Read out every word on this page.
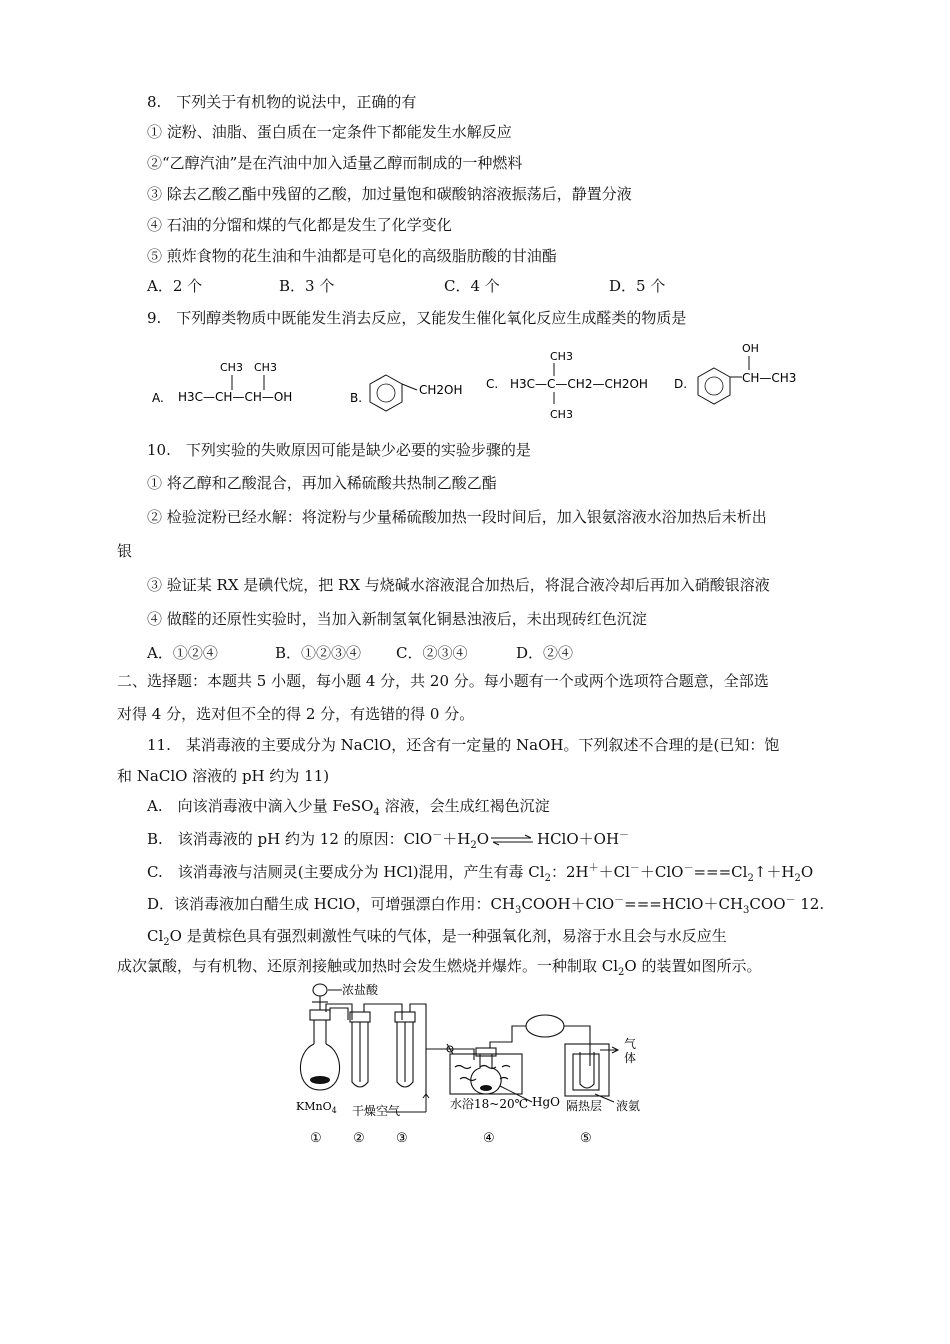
8.　下列关于有机物的说法中，正确的有
① 淀粉、油脂、蛋白质在一定条件下都能发生水解反应
②“乙醇汽油”是在汽油中加入适量乙醇而制成的一种燃料
③ 除去乙酸乙酯中残留的乙酸，加过量饱和碳酸钠溶液振荡后，静置分液
④ 石油的分馏和煤的气化都是发生了化学变化
⑤ 煎炸食物的花生油和牛油都是可皂化的高级脂肪酸的甘油酯
A．2 个	B．3 个	C．4 个	D．5 个
9.　下列醇类物质中既能发生消去反应，又能发生催化氧化反应生成醛类的物质是
A.
CH3 CH3
H3C—CH—CH—OH	B.
CH2OH C.
CH3
H3C—C—CH2—CH2OH
CH3
D.
OH
CH—CH3
10.　下列实验的失败原因可能是缺少必要的实验步骤的是
① 将乙醇和乙酸混合，再加入稀硫酸共热制乙酸乙酯
② 检验淀粉已经水解：将淀粉与少量稀硫酸加热一段时间后，加入银氨溶液水浴加热后未析出
银
③ 验证某 RX 是碘代烷，把 RX 与烧碱水溶液混合加热后，将混合液冷却后再加入硝酸银溶液
④ 做醛的还原性实验时，当加入新制氢氧化铜悬浊液后，未出现砖红色沉淀
A．①②④	B．①②③④ C．②③④	D．②④
二、选择题：本题共 5 小题，每小题 4 分，共 20 分。每小题有一个或两个选项符合题意，全部选
对得 4 分，选对但不全的得 2 分，有选错的得 0 分。
11.　某消毒液的主要成分为 NaClO，还含有一定量的 NaOH。下列叙述不合理的是(已知：饱
和 NaClO 溶液的 pH 约为 11)
A.　向该消毒液中滴入少量 FeSO$_4$ 溶液，会生成红褐色沉淀
B.　该消毒液的 pH 约为 12 的原因：$ClO^-+H_2O$ ⇌ HClO＋OH－
C.　该消毒液与洁厕灵(主要成分为 HCl)混用，产生有毒 $Cl_2$：$2H^++Cl^-+ClO^-===Cl_2↑+H_2O$
D．该消毒液加白醋生成 HClO，可增强漂白作用：$CH_3COOH+ClO^-===HClO+CH_3COO^-$ 12.
$Cl_2O$ 是黄棕色具有强烈刺激性气味的气体，是一种强氧化剂，易溶于水且会与水反应生
成次氯酸，与有机物、还原剂接触或加热时会发生燃烧并爆炸。一种制取 $Cl_2O$ 的装置如图所示。
浓盐酸
KMnO$_4$ 干燥空气	水浴18~20℃ HgO 隔热层 液氨
气
体
① ② ③	④	⑤
